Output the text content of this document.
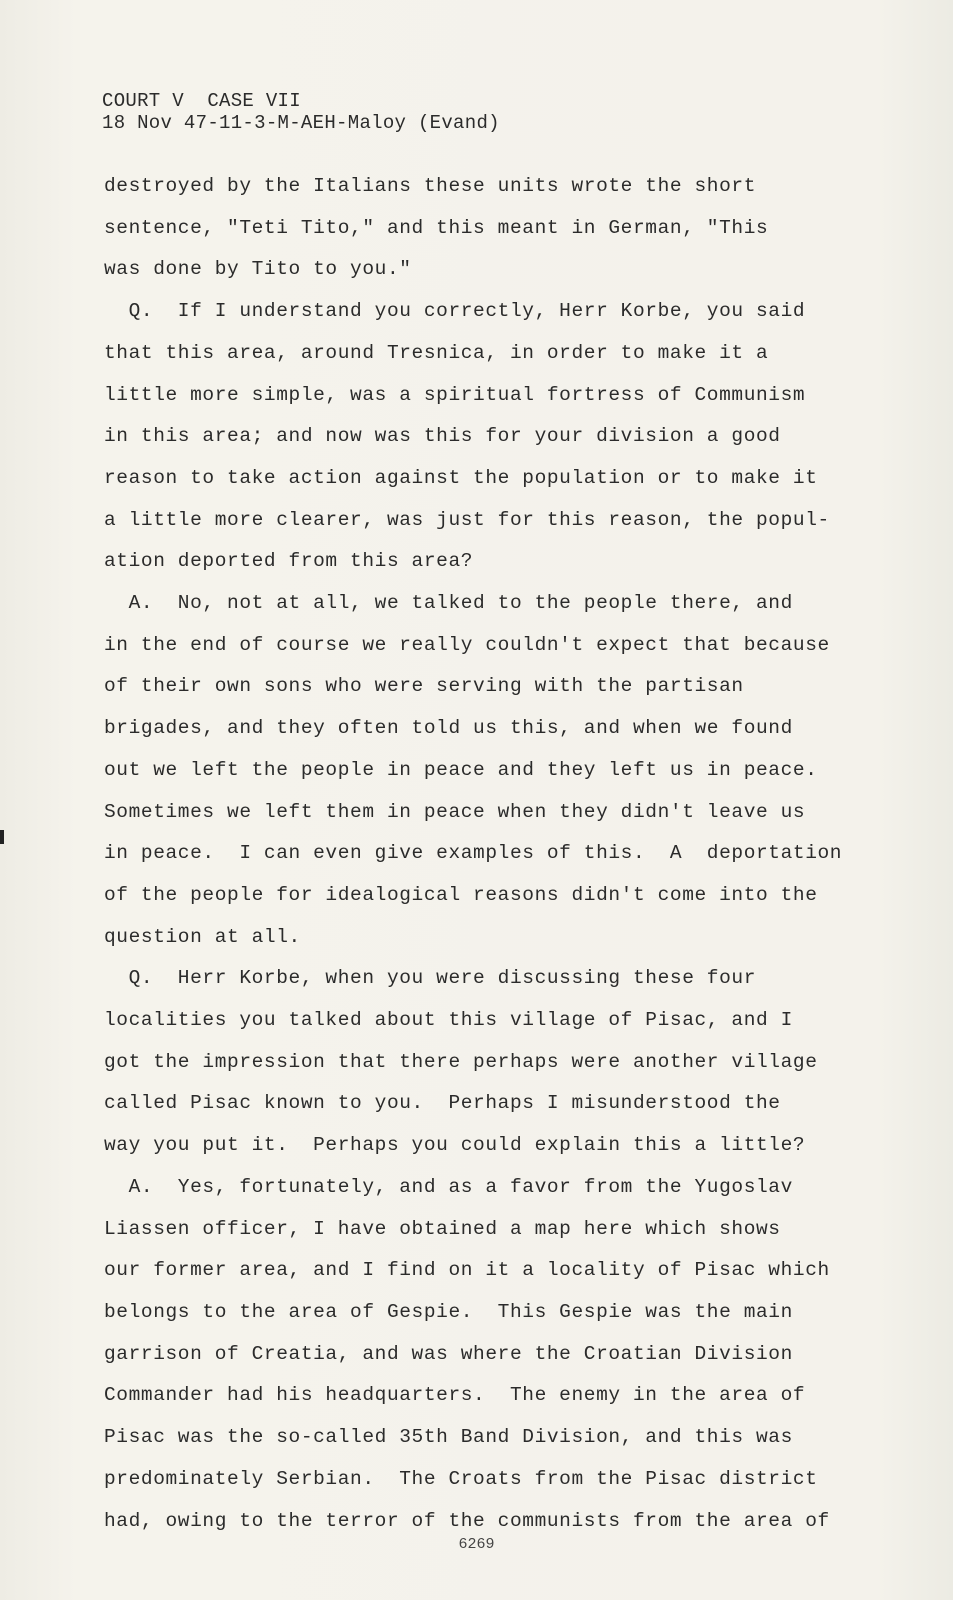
COURT V  CASE VII
18 Nov 47-11-3-M-AEH-Maloy (Evand)
destroyed by the Italians these units wrote the short
sentence, "Teti Tito," and this meant in German, "This
was done by Tito to you."
Q.  If I understand you correctly, Herr Korbe, you said
that this area, around Tresnica, in order to make it a
little more simple, was a spiritual fortress of Communism
in this area; and now was this for your division a good
reason to take action against the population or to make it
a little more clearer, was just for this reason, the popul-
ation deported from this area?
A.  No, not at all, we talked to the people there, and
in the end of course we really couldn't expect that because
of their own sons who were serving with the partisan
brigades, and they often told us this, and when we found
out we left the people in peace and they left us in peace.
Sometimes we left them in peace when they didn't leave us
in peace.  I can even give examples of this.  A  deportation
of the people for idealogical reasons didn't come into the
question at all.
Q.  Herr Korbe, when you were discussing these four
localities you talked about this village of Pisac, and I
got the impression that there perhaps were another village
called Pisac known to you.  Perhaps I misunderstood the
way you put it.  Perhaps you could explain this a little?
A.  Yes, fortunately, and as a favor from the Yugoslav
Liassen officer, I have obtained a map here which shows
our former area, and I find on it a locality of Pisac which
belongs to the area of Gespie.  This Gespie was the main
garrison of Creatia, and was where the Croatian Division
Commander had his headquarters.  The enemy in the area of
Pisac was the so-called 35th Band Division, and this was
predominately Serbian.  The Croats from the Pisac district
had, owing to the terror of the communists from the area of
6269
